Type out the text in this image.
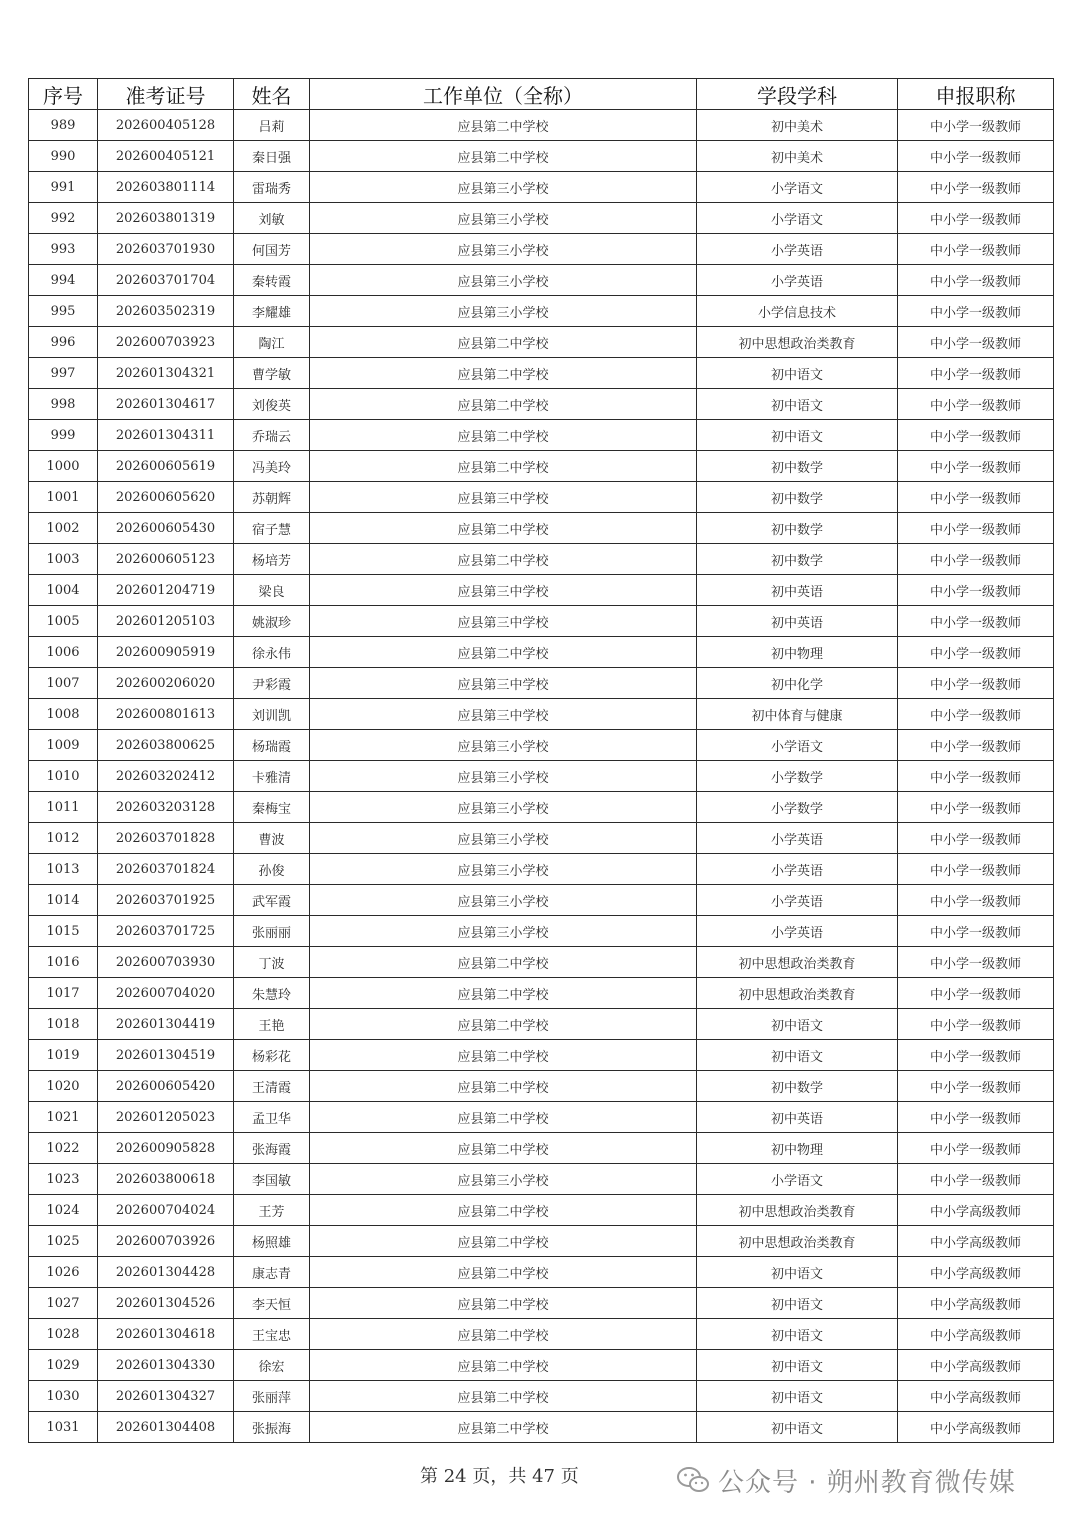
序号	准考证号	姓名	工作单位（全称）	学段学科	申报职称
989	202600405128	吕莉	应县第二中学校	初中美术	中小学一级教师
990	202600405121	秦日强	应县第二中学校	初中美术	中小学一级教师
991	202603801114	雷瑞秀	应县第三小学校	小学语文	中小学一级教师
992	202603801319	刘敏	应县第三小学校	小学语文	中小学一级教师
993	202603701930	何国芳	应县第三小学校	小学英语	中小学一级教师
994	202603701704	秦转霞	应县第三小学校	小学英语	中小学一级教师
995	202603502319	李耀雄	应县第三小学校	小学信息技术	中小学一级教师
996	202600703923	陶江	应县第二中学校	初中思想政治类教育	中小学一级教师
997	202601304321	曹学敏	应县第二中学校	初中语文	中小学一级教师
998	202601304617	刘俊英	应县第二中学校	初中语文	中小学一级教师
999	202601304311	乔瑞云	应县第二中学校	初中语文	中小学一级教师
1000	202600605619	冯美玲	应县第二中学校	初中数学	中小学一级教师
1001	202600605620	苏朝辉	应县第三中学校	初中数学	中小学一级教师
1002	202600605430	宿子慧	应县第二中学校	初中数学	中小学一级教师
1003	202600605123	杨培芳	应县第二中学校	初中数学	中小学一级教师
1004	202601204719	梁良	应县第三中学校	初中英语	中小学一级教师
1005	202601205103	姚淑珍	应县第三中学校	初中英语	中小学一级教师
1006	202600905919	徐永伟	应县第二中学校	初中物理	中小学一级教师
1007	202600206020	尹彩霞	应县第三中学校	初中化学	中小学一级教师
1008	202600801613	刘训凯	应县第三中学校	初中体育与健康	中小学一级教师
1009	202603800625	杨瑞霞	应县第三小学校	小学语文	中小学一级教师
1010	202603202412	卡雅清	应县第三小学校	小学数学	中小学一级教师
1011	202603203128	秦梅宝	应县第三小学校	小学数学	中小学一级教师
1012	202603701828	曹波	应县第三小学校	小学英语	中小学一级教师
1013	202603701824	孙俊	应县第三小学校	小学英语	中小学一级教师
1014	202603701925	武军霞	应县第三小学校	小学英语	中小学一级教师
1015	202603701725	张丽丽	应县第三小学校	小学英语	中小学一级教师
1016	202600703930	丁波	应县第二中学校	初中思想政治类教育	中小学一级教师
1017	202600704020	朱慧玲	应县第二中学校	初中思想政治类教育	中小学一级教师
1018	202601304419	王艳	应县第二中学校	初中语文	中小学一级教师
1019	202601304519	杨彩花	应县第二中学校	初中语文	中小学一级教师
1020	202600605420	王清霞	应县第二中学校	初中数学	中小学一级教师
1021	202601205023	孟卫华	应县第二中学校	初中英语	中小学一级教师
1022	202600905828	张海霞	应县第二中学校	初中物理	中小学一级教师
1023	202603800618	李国敏	应县第三小学校	小学语文	中小学一级教师
1024	202600704024	王芳	应县第二中学校	初中思想政治类教育	中小学高级教师
1025	202600703926	杨照雄	应县第二中学校	初中思想政治类教育	中小学高级教师
1026	202601304428	康志青	应县第二中学校	初中语文	中小学高级教师
1027	202601304526	李天恒	应县第二中学校	初中语文	中小学高级教师
1028	202601304618	王宝忠	应县第二中学校	初中语文	中小学高级教师
1029	202601304330	徐宏	应县第二中学校	初中语文	中小学高级教师
1030	202601304327	张丽萍	应县第二中学校	初中语文	中小学高级教师
1031	202601304408	张振海	应县第二中学校	初中语文	中小学高级教师
第 24 页，共 47 页	公众号 · 朔州教育微传媒
